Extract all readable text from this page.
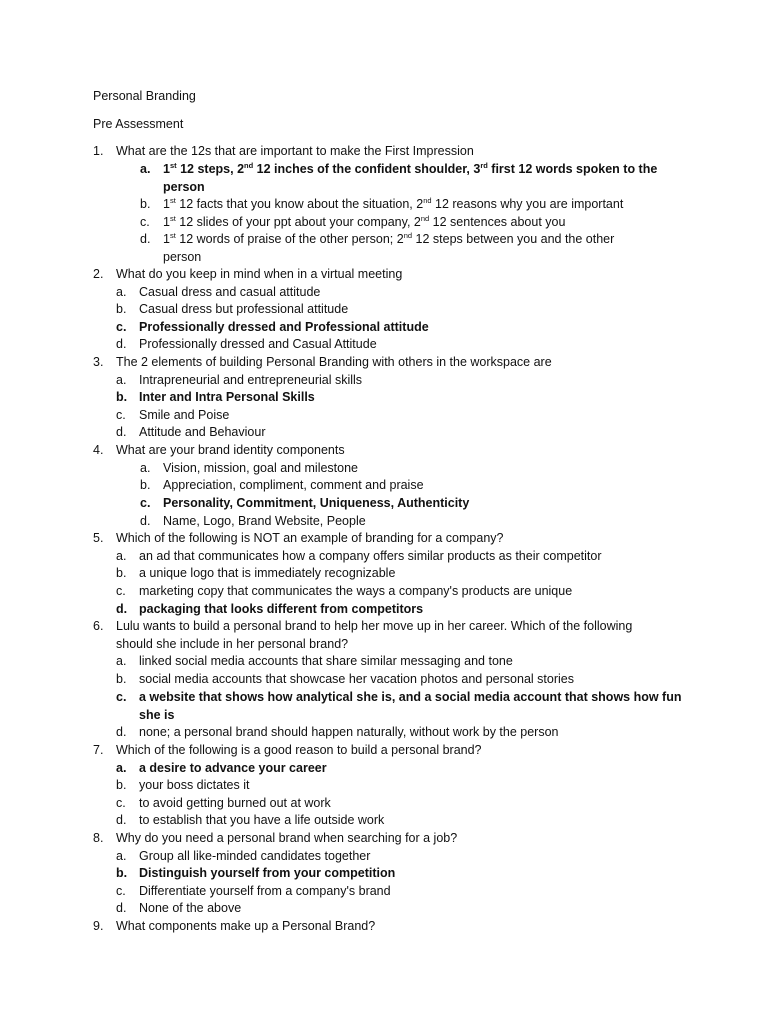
Personal Branding
Pre Assessment
1. What are the 12s that are important to make the First Impression
a. 1st 12 steps, 2nd 12 inches of the confident shoulder, 3rd first 12 words spoken to the
person
b. 1st 12 facts that you know about the situation, 2nd 12 reasons why you are important
c. 1st 12 slides of your ppt about your company, 2nd 12 sentences about you
d. 1st 12 words of praise of the other person; 2nd 12 steps between you and the other
person
2. What do you keep in mind when in a virtual meeting
a. Casual dress and casual attitude
b. Casual dress but professional attitude
c. Professionally dressed and Professional attitude
d. Professionally dressed and Casual Attitude
3. The 2 elements of building Personal Branding with others in the workspace are
a. Intrapreneurial and entrepreneurial skills
b. Inter and Intra Personal Skills
c. Smile and Poise
d. Attitude and Behaviour
4. What are your brand identity components
a. Vision, mission, goal and milestone
b. Appreciation, compliment, comment and praise
c. Personality, Commitment, Uniqueness, Authenticity
d. Name, Logo, Brand Website, People
5. Which of the following is NOT an example of branding for a company?
a. an ad that communicates how a company offers similar products as their competitor
b. a unique logo that is immediately recognizable
c. marketing copy that communicates the ways a company's products are unique
d. packaging that looks different from competitors
6. Lulu wants to build a personal brand to help her move up in her career. Which of the following
should she include in her personal brand?
a. linked social media accounts that share similar messaging and tone
b. social media accounts that showcase her vacation photos and personal stories
c. a website that shows how analytical she is, and a social media account that shows how fun
she is
d. none; a personal brand should happen naturally, without work by the person
7. Which of the following is a good reason to build a personal brand?
a. a desire to advance your career
b. your boss dictates it
c. to avoid getting burned out at work
d. to establish that you have a life outside work
8. Why do you need a personal brand when searching for a job?
a. Group all like-minded candidates together
b. Distinguish yourself from your competition
c. Differentiate yourself from a company's brand
d. None of the above
9. What components make up a Personal Brand?
